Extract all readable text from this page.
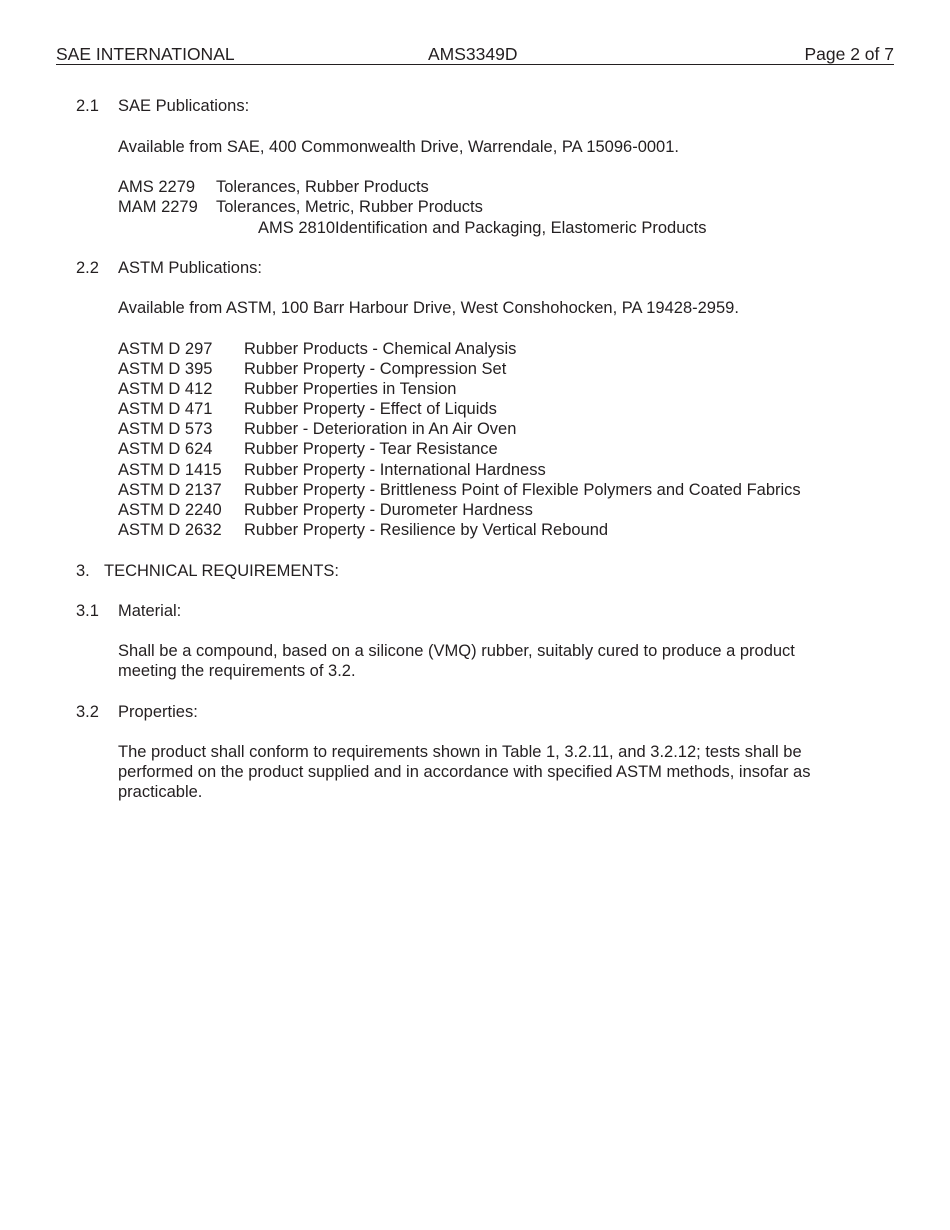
SAE INTERNATIONAL	AMS3349D	Page 2 of 7
2.1 SAE Publications:
Available from SAE, 400 Commonwealth Drive, Warrendale, PA 15096-0001.
AMS 2279 Tolerances, Rubber Products
MAM 2279 Tolerances, Metric, Rubber Products
AMS 2810Identification and Packaging, Elastomeric Products
2.2 ASTM Publications:
Available from ASTM, 100 Barr Harbour Drive, West Conshohocken, PA 19428-2959.
ASTM D 297 Rubber Products - Chemical Analysis
ASTM D 395 Rubber Property - Compression Set
ASTM D 412 Rubber Properties in Tension
ASTM D 471 Rubber Property - Effect of Liquids
ASTM D 573 Rubber - Deterioration in An Air Oven
ASTM D 624 Rubber Property - Tear Resistance
ASTM D 1415 Rubber Property - International Hardness
ASTM D 2137 Rubber Property - Brittleness Point of Flexible Polymers and Coated Fabrics
ASTM D 2240 Rubber Property - Durometer Hardness
ASTM D 2632 Rubber Property - Resilience by Vertical Rebound
3. TECHNICAL REQUIREMENTS:
3.1 Material:
Shall be a compound, based on a silicone (VMQ) rubber, suitably cured to produce a product meeting the requirements of 3.2.
3.2 Properties:
The product shall conform to requirements shown in Table 1, 3.2.11, and 3.2.12; tests shall be performed on the product supplied and in accordance with specified ASTM methods, insofar as practicable.
